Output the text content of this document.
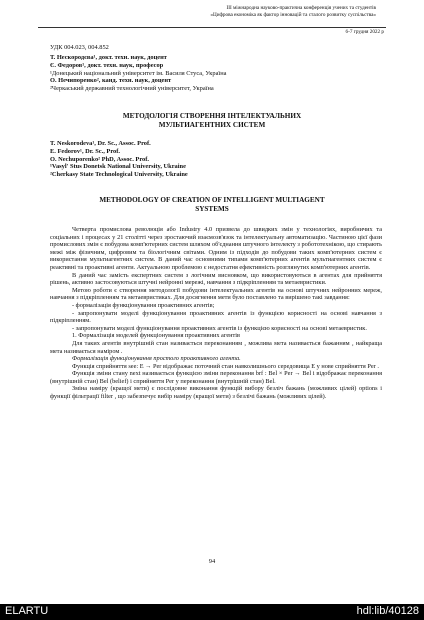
ІІІ міжнародна науково-практична конференція учених та студентів
«Цифрова економіка як фактор інновацій та сталого розвитку суспільства»
6-7 грудня 2022 р
УДК 004.023, 004.852
Т. Нескородєва¹, докт. техн. наук, доцент
Є. Федоров¹, докт. техн. наук, професор
¹Донецький національний університет ім. Василя Стуса, Україна
О. Нечипоренко², канд. техн. наук, доцент
²Черкаський державний технологічний університет, Україна
МЕТОДОЛОГІЯ СТВОРЕННЯ ІНТЕЛЕКТУАЛЬНИХ
МУЛЬТИАГЕНТНИХ СИСТЕМ
T. Neskorodeva¹, Dr. Sc., Assoc. Prof.
E. Fedorov¹, Dr. Sc., Prof.
O. Nechuporenko² PhD, Assoc. Prof.
¹Vasyl' Stus Donetsk National University, Ukraine
²Cherkasy State Technological University, Ukraine
METHODOLOGY OF CREATION OF INTELLIGENT MULTIAGENT
SYSTEMS

Четверта промислова революція або Industry 4.0 призвела до швидких змін у технологіях, виробничих та соціальних і процесах у 21 столітті через зростаючий взаємозв'язок та інтелектуальну автоматизацію. Частиною цієї фази промислових змін є побудова комп'ютерних систем шляхом об'єднання штучного інтелекту з робототехнікою, що стирають межі між фізичним, цифровим та біологічним світами. Одним із підходів до побудови таких комп'ютерних систем є використання мультиагентних систем. В даний час основними типами комп'ютерних агентів мультиагентних систем є реактивні та проактивні агенти. Актуальною проблемою є недостатня ефективність розглянутих комп'ютерних агентів.

В даний час замість експертних систем з логічним висновком, що використовуються в агентах для прийняття рішень, активно застосовуються штучні нейронні мережі, навчання з підкріпленням та метаевристики.

Метою роботи є створення методології побудови інтелектуальних агентів на основі штучних нейронних мереж, навчання з підкріпленням та метаевристиках. Для досягнення мети було поставлено та вирішено такі завдання:

- формалізація функціонування проактивних агентів;

- запропонувати моделі функціонування проактивних агентів із функцією корисності на основі навчання з підкріпленням.

- запропонувати моделі функціонування проактивних агентів із функцією корисності на основі метаевристик.

1. Формалізація моделей функціонування проактивних агентів

Для таких агентів внутрішній стан називається переконанням , можлива мета називається бажанням , найкраща мета називається наміром .

Формалізація функціонування простого проактивного агента.

Функція сприйняття see: E → Per відображає поточний стан навколишнього середовища E у нове сприйняття Per .

Функція зміни стану next називається функцією зміни переконання brf : Bel × Per → Bel і відображає переконання (внутрішній стан) Bel (belief) і сприйняття Per у переконання (внутрішній стан) Bel.

Зміна наміру (кращої мети) є послідовне виконання функцій вибору безліч бажань (можливих цілей) options і функції фільтрації filter , що забезпечує вибір наміру (кращої мети) з безлічі бажань (можливих цілей).

94
ELARTU	hdl:lib/40128
